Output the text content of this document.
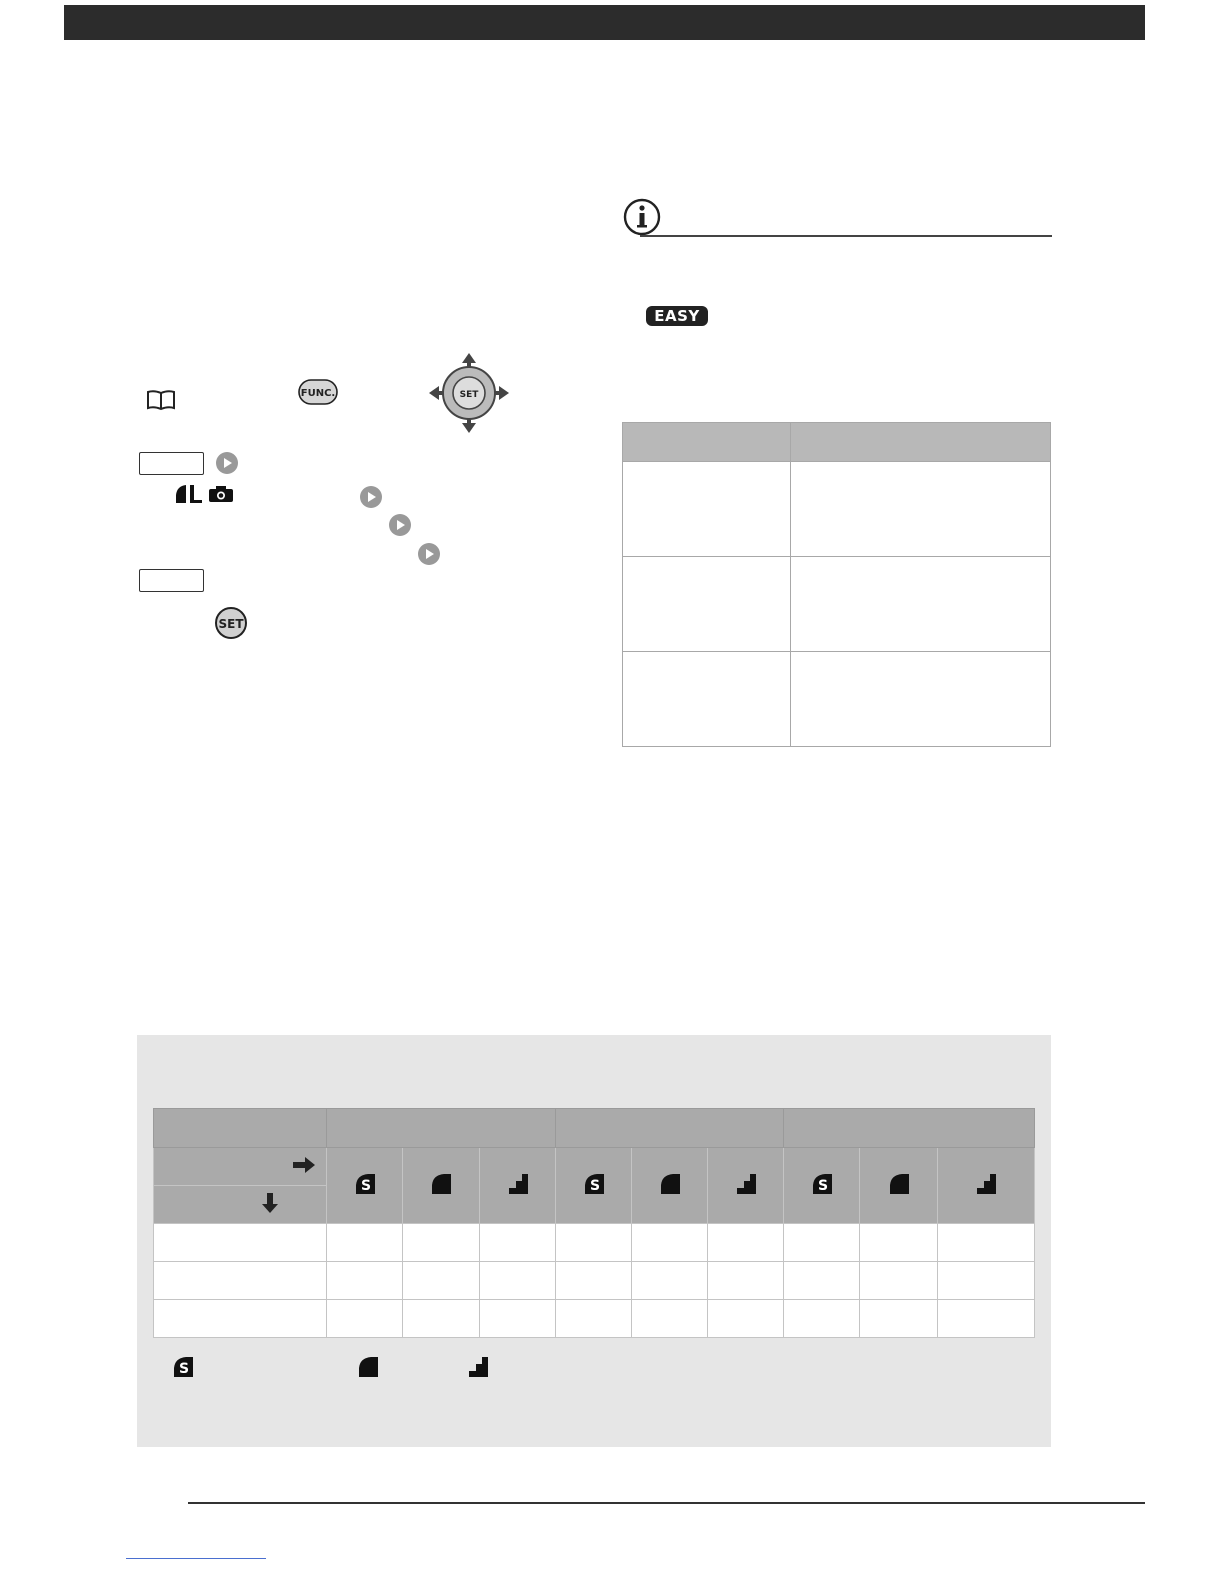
FUNC.	SET
SET
EASY

S			S			S

S
